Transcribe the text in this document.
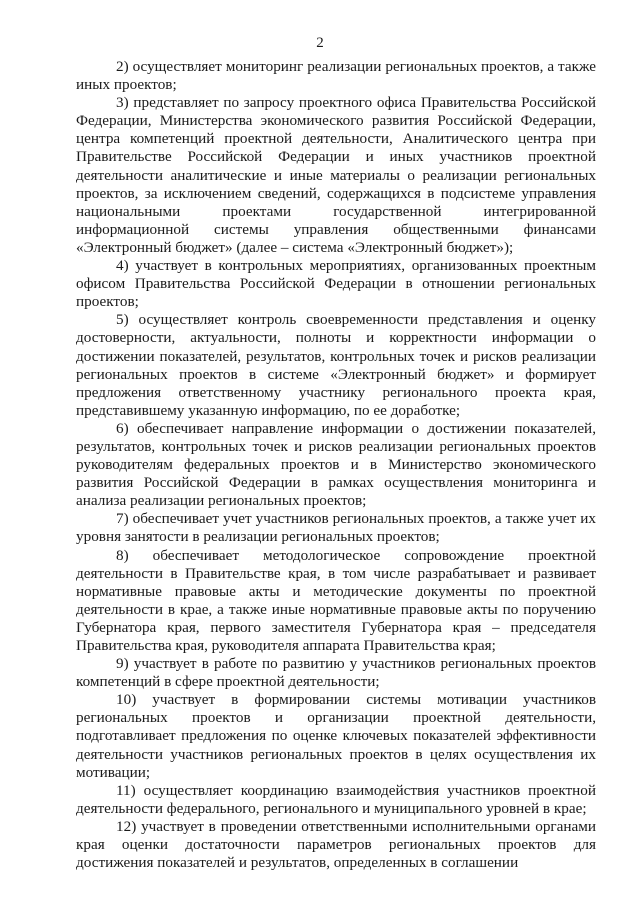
2

2) осуществляет мониторинг реализации региональных проектов, а также иных проектов;

3) представляет по запросу проектного офиса Правительства Российской Федерации, Министерства экономического развития Российской Федерации, центра компетенций проектной деятельности, Аналитического центра при Правительстве Российской Федерации и иных участников проектной деятельности аналитические и иные материалы о реализации региональных проектов, за исключением сведений, содержащихся в подсистеме управления национальными проектами государственной интегрированной информационной системы управления общественными финансами «Электронный бюджет» (далее – система «Электронный бюджет»);

4) участвует в контрольных мероприятиях, организованных проектным офисом Правительства Российской Федерации в отношении региональных проектов;

5) осуществляет контроль своевременности представления и оценку достоверности, актуальности, полноты и корректности информации о достижении показателей, результатов, контрольных точек и рисков реализации региональных проектов в системе «Электронный бюджет» и формирует предложения ответственному участнику регионального проекта края, представившему указанную информацию, по ее доработке;

6) обеспечивает направление информации о достижении показателей, результатов, контрольных точек и рисков реализации региональных проектов руководителям федеральных проектов и в Министерство экономического развития Российской Федерации в рамках осуществления мониторинга и анализа реализации региональных проектов;

7) обеспечивает учет участников региональных проектов, а также учет их уровня занятости в реализации региональных проектов;

8) обеспечивает методологическое сопровождение проектной деятельности в Правительстве края, в том числе разрабатывает и развивает нормативные правовые акты и методические документы по проектной деятельности в крае, а также иные нормативные правовые акты по поручению Губернатора края, первого заместителя Губернатора края – председателя Правительства края, руководителя аппарата Правительства края;

9) участвует в работе по развитию у участников региональных проектов компетенций в сфере проектной деятельности;

10) участвует в формировании системы мотивации участников региональных проектов и организации проектной деятельности, подготавливает предложения по оценке ключевых показателей эффективности деятельности участников региональных проектов в целях осуществления их мотивации;

11) осуществляет координацию взаимодействия участников проектной деятельности федерального, регионального и муниципального уровней в крае;

12) участвует в проведении ответственными исполнительными органами края оценки достаточности параметров региональных проектов для достижения показателей и результатов, определенных в соглашении
